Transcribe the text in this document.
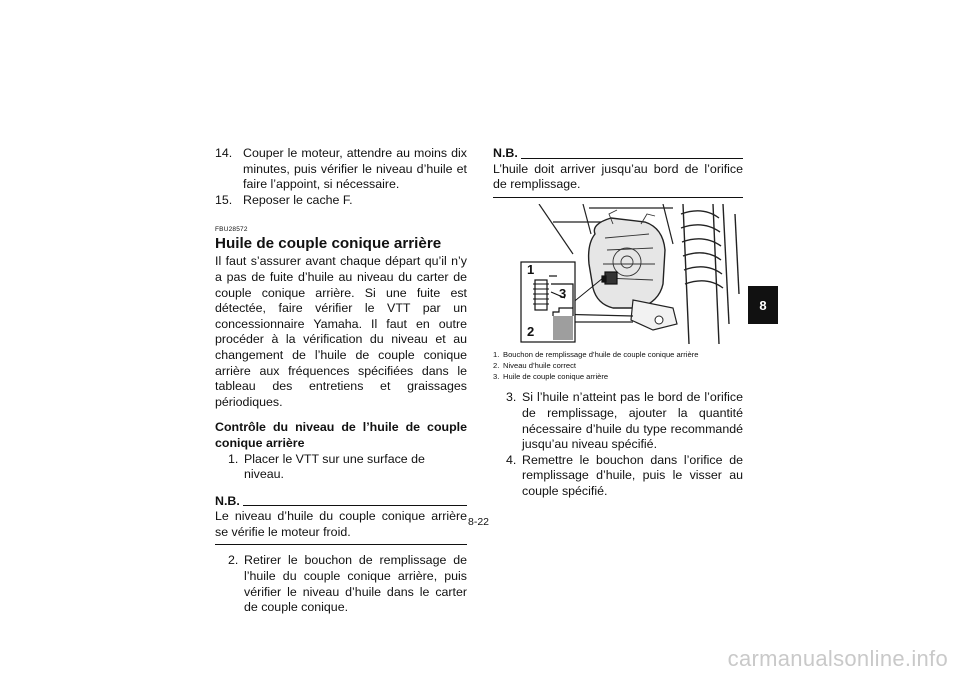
14. Couper le moteur, attendre au moins dix minutes, puis vérifier le niveau d’huile et faire l’appoint, si nécessaire.
15. Reposer le cache F.
FBU28572
Huile de couple conique arrière
Il faut s’assurer avant chaque départ qu’il n’y a pas de fuite d’huile au niveau du carter de couple conique arrière. Si une fuite est détectée, faire vérifier le VTT par un concessionnaire Yamaha. Il faut en outre procéder à la vérification du niveau et au changement de l’huile de couple conique arrière aux fréquences spécifiées dans le tableau des entretiens et graissages périodiques.
Contrôle du niveau de l’huile de couple conique arrière
1. Placer le VTT sur une surface de niveau.
N.B.
Le niveau d’huile du couple conique arrière se vérifie le moteur froid.
2. Retirer le bouchon de remplissage de l’huile du couple conique arrière, puis vérifier le niveau d’huile dans le carter de couple conique.
N.B.
L’huile doit arriver jusqu’au bord de l’orifice de remplissage.
1
2
3
1. Bouchon de remplissage d’huile de couple conique arrière
2. Niveau d’huile correct
3. Huile de couple conique arrière
3. Si l’huile n’atteint pas le bord de l’orifice de remplissage, ajouter la quantité nécessaire d’huile du type recommandé jusqu’au niveau spécifié.
4. Remettre le bouchon dans l’orifice de remplissage d’huile, puis le visser au couple spécifié.
8
8-22
carmanualsonline.info
